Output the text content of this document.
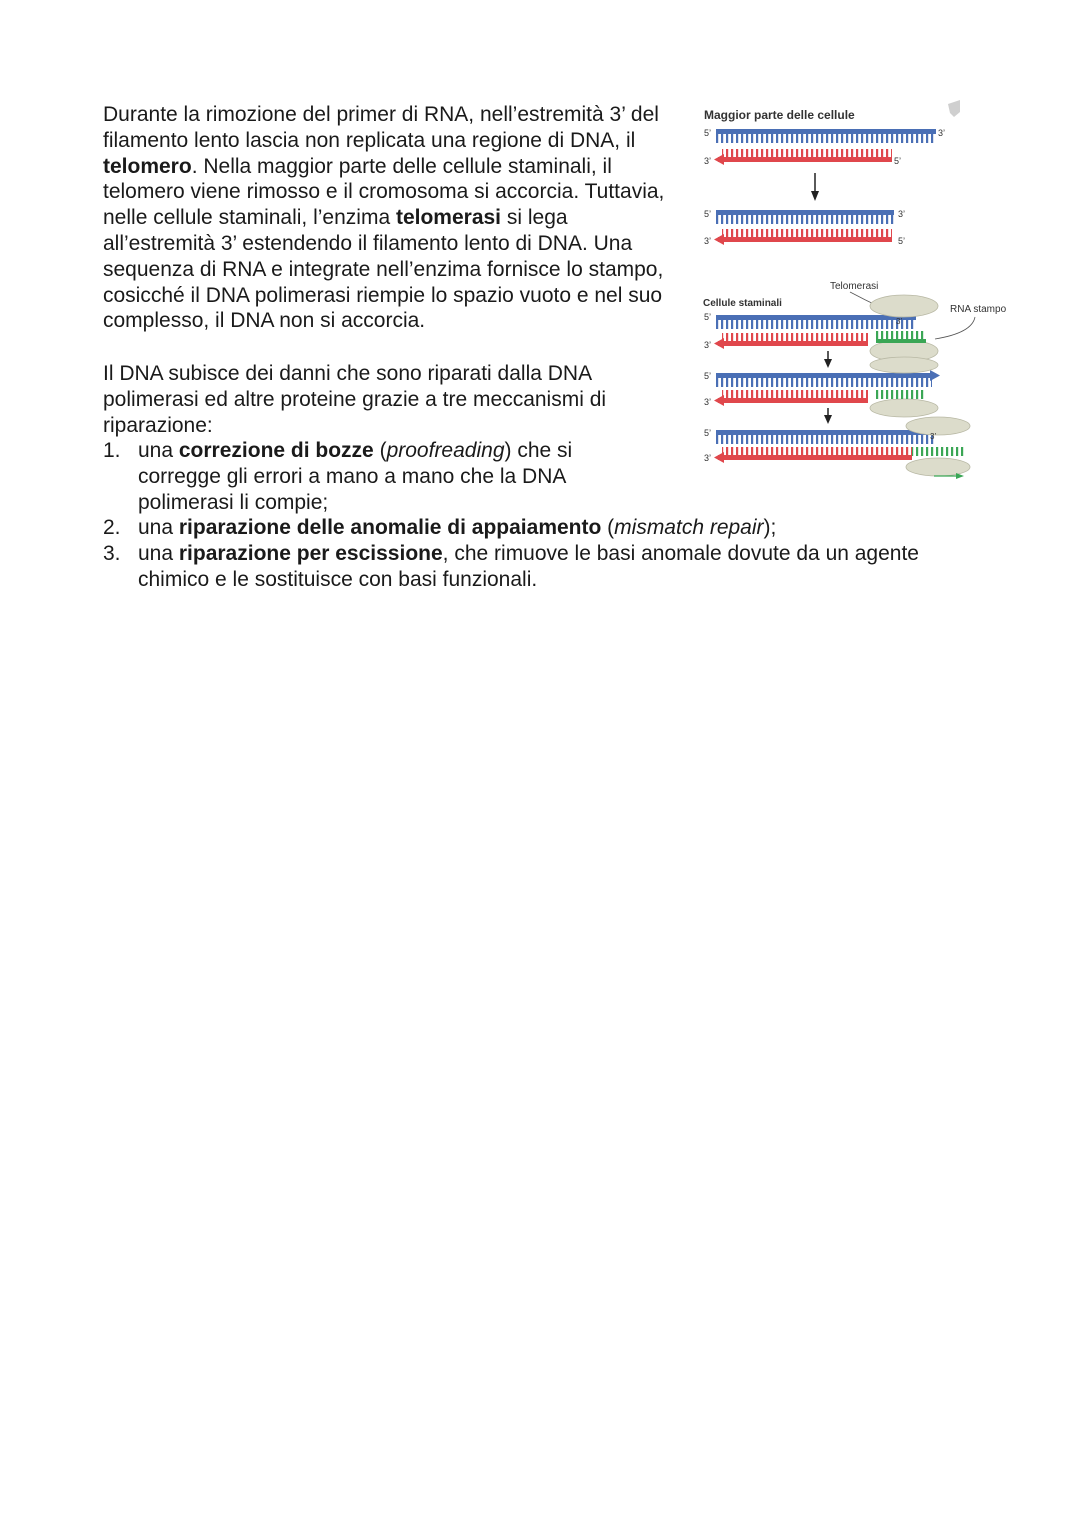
Durante la rimozione del primer di RNA, nell’estremità 3’ del filamento lento lascia non replicata una regione di DNA, il telomero. Nella maggior parte delle cellule staminali, il telomero viene rimosso e il cromosoma si accorcia. Tuttavia, nelle cellule staminali, l’enzima telomerasi si lega all’estremità 3’ estendendo il filamento lento di DNA. Una sequenza di RNA e integrate nell’enzima fornisce lo stampo, cosicché il DNA polimerasi riempie lo spazio vuoto e nel suo complesso, il DNA non si accorcia.

Il DNA subisce dei danni che sono riparati dalla DNA polimerasi ed altre proteine grazie a tre meccanismi di riparazione:

1. una correzione di bozze (proofreading) che si corregge gli errori a mano a mano che la DNA polimerasi li compie;
2. una riparazione delle anomalie di appaiamento (mismatch repair);
3. una riparazione per escissione, che rimuove le basi anomale dovute da un agente chimico e le sostituisce con basi funzionali.
Maggior parte delle cellule
5’	3’
3’	5’
5’	3’
3’	5’
Telomerasi
Cellule staminali
RNA stampo
5’
3’
3’
5’
3’
5’
3’
3’
